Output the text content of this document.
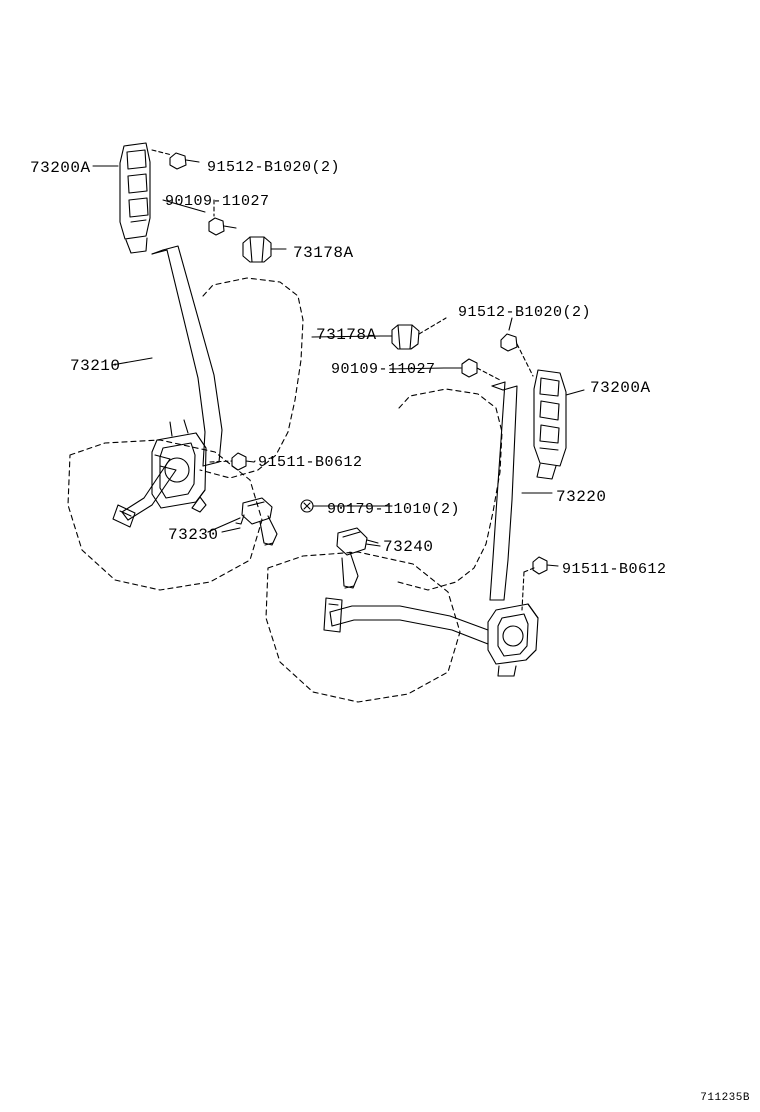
73200A	91512-B1020(2)
90109-11027
73178A
73178A
91512-B1020(2)
90109-11027
73200A
73210
91511-B0612
73220
90179-11010(2)
73230
73240
91511-B0612
711235B
